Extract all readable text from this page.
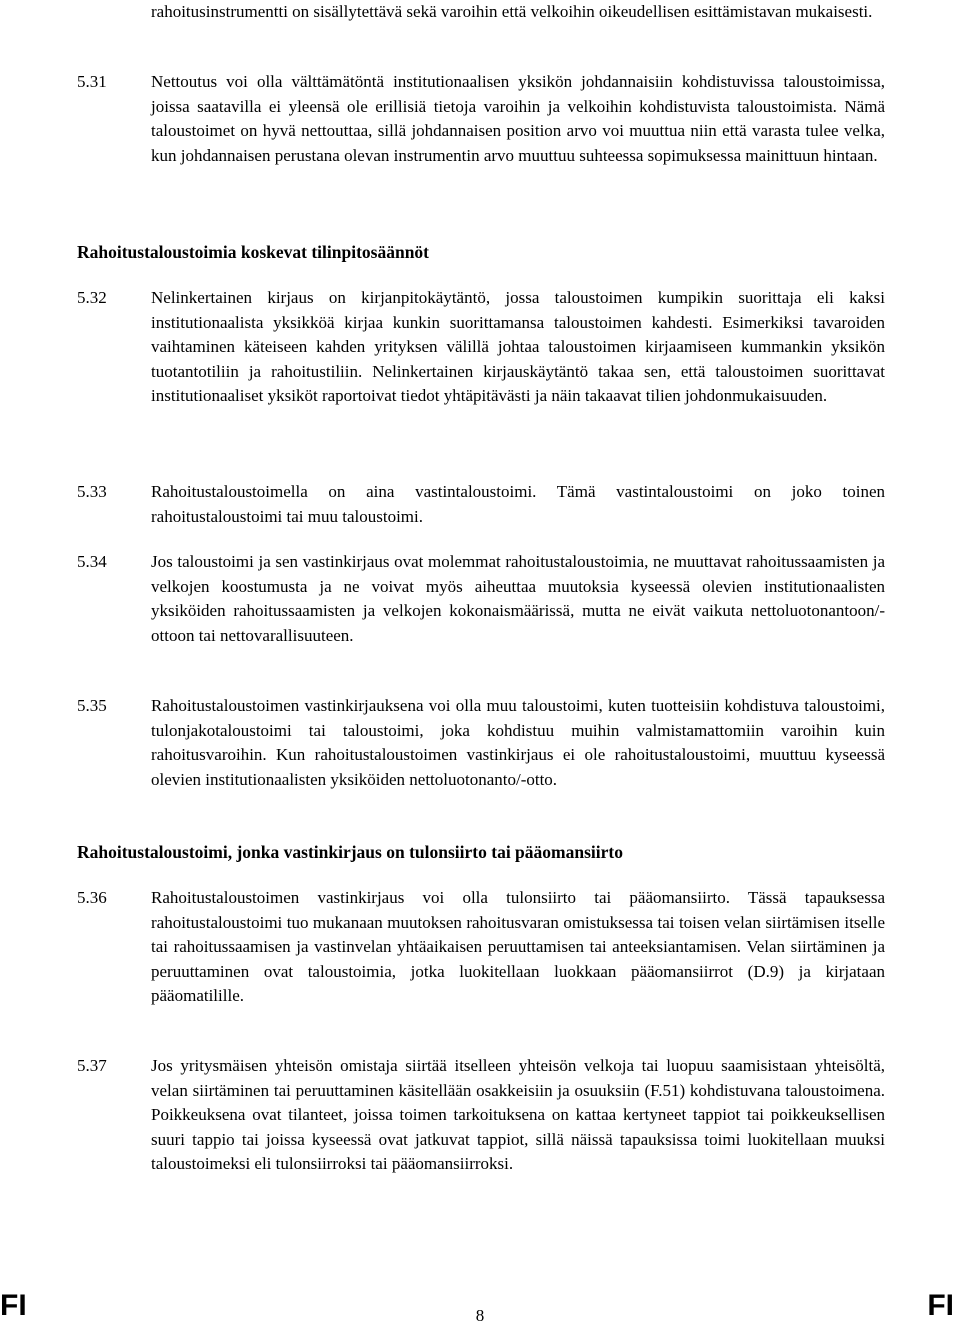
rahoitusinstrumentti on sisällytettävä sekä varoihin että velkoihin oikeudellisen esittämistavan mukaisesti.

5.31	Nettoutus voi olla välttämätöntä institutionaalisen yksikön johdannaisiin kohdistuvissa taloustoimissa, joissa saatavilla ei yleensä ole erillisiä tietoja varoihin ja velkoihin kohdistuvista taloustoimista. Nämä taloustoimet on hyvä nettouttaa, sillä johdannaisen position arvo voi muuttua niin että varasta tulee velka, kun johdannaisen perustana olevan instrumentin arvo muuttuu suhteessa sopimuksessa mainittuun hintaan.

Rahoitustaloustoimia koskevat tilinpitosäännöt
5.32	Nelinkertainen kirjaus on kirjanpitokäytäntö, jossa taloustoimen kumpikin suorittaja eli kaksi institutionaalista yksikköä kirjaa kunkin suorittamansa taloustoimen kahdesti. Esimerkiksi tavaroiden vaihtaminen käteiseen kahden yrityksen välillä johtaa taloustoimen kirjaamiseen kummankin yksikön tuotantotiliin ja rahoitustiliin. Nelinkertainen kirjauskäytäntö takaa sen, että taloustoimen suorittavat institutionaaliset yksiköt raportoivat tiedot yhtäpitävästi ja näin takaavat tilien johdonmukaisuuden.

5.33	Rahoitustaloustoimella on aina vastintaloustoimi. Tämä vastintaloustoimi on joko toinen rahoitustaloustoimi tai muu taloustoimi.

5.34	Jos taloustoimi ja sen vastinkirjaus ovat molemmat rahoitustaloustoimia, ne muuttavat rahoitussaamisten ja velkojen koostumusta ja ne voivat myös aiheuttaa muutoksia kyseessä olevien institutionaalisten yksiköiden rahoitussaamisten ja velkojen kokonaismäärissä, mutta ne eivät vaikuta nettoluotonantoon/-ottoon tai nettovarallisuuteen.

5.35	Rahoitustaloustoimen vastinkirjauksena voi olla muu taloustoimi, kuten tuotteisiin kohdistuva taloustoimi, tulonjakotaloustoimi tai taloustoimi, joka kohdistuu muihin valmistamattomiin varoihin kuin rahoitusvaroihin. Kun rahoitustaloustoimen vastinkirjaus ei ole rahoitustaloustoimi, muuttuu kyseessä olevien institutionaalisten yksiköiden nettoluotonanto/-otto.

Rahoitustaloustoimi, jonka vastinkirjaus on tulonsiirto tai pääomansiirto
5.36	Rahoitustaloustoimen vastinkirjaus voi olla tulonsiirto tai pääomansiirto. Tässä tapauksessa rahoitustaloustoimi tuo mukanaan muutoksen rahoitusvaran omistuksessa tai toisen velan siirtämisen itselle tai rahoitussaamisen ja vastinvelan yhtäaikaisen peruuttamisen tai anteeksiantamisen. Velan siirtäminen ja peruuttaminen ovat taloustoimia, jotka luokitellaan luokkaan pääomansiirrot (D.9) ja kirjataan pääomatilille.

5.37	Jos yritysmäisen yhteisön omistaja siirtää itselleen yhteisön velkoja tai luopuu saamisistaan yhteisöltä, velan siirtäminen tai peruuttaminen käsitellään osakkeisiin ja osuuksiin (F.51) kohdistuvana taloustoimena. Poikkeuksena ovat tilanteet, joissa toimen tarkoituksena on kattaa kertyneet tappiot tai poikkeuksellisen suuri tappio tai joissa kyseessä ovat jatkuvat tappiot, sillä näissä tapauksissa toimi luokitellaan muuksi taloustoimeksi eli tulonsiirroksi tai pääomansiirroksi.

FI	8	FI
